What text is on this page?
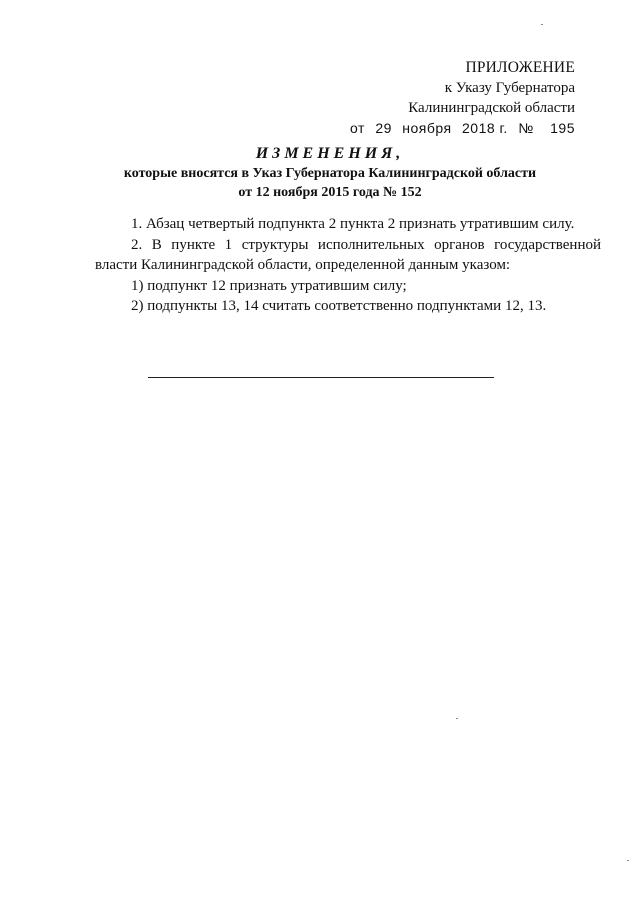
ПРИЛОЖЕНИЕ
к Указу Губернатора
Калининградской области
от 29 ноября 2018 г. № 195
ИЗМЕНЕНИЯ,
которые вносятся в Указ Губернатора Калининградской области
от 12 ноября 2015 года № 152

1. Абзац четвертый подпункта 2 пункта 2 признать утратившим силу.

2. В пункте 1 структуры исполнительных органов государственной власти Калининградской области, определенной данным указом:

1) подпункт 12 признать утратившим силу;

2) подпункты 13, 14 считать соответственно подпунктами 12, 13.
